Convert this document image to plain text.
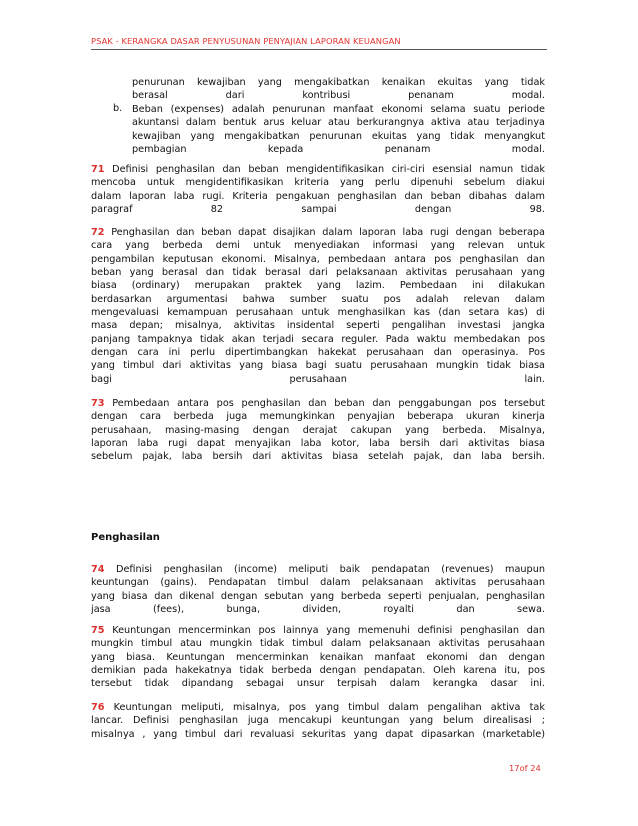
PSAK - KERANGKA DASAR PENYUSUNAN PENYAJIAN LAPORAN KEUANGAN
penurunan kewajiban yang mengakibatkan kenaikan ekuitas yang tidak
berasal dari kontribusi penanam modal.
b. Beban (expenses) adalah penurunan manfaat ekonomi selama suatu periode
akuntansi dalam bentuk arus keluar atau berkurangnya aktiva atau terjadinya
kewajiban yang mengakibatkan penurunan ekuitas yang tidak menyangkut
pembagian kepada penanam modal.
71 Definisi penghasilan dan beban mengidentifikasikan ciri-ciri esensial namun tidak
mencoba untuk mengidentifikasikan kriteria yang perlu dipenuhi sebelum diakui
dalam laporan laba rugi. Kriteria pengakuan penghasilan dan beban dibahas dalam
paragraf 82 sampai dengan 98.
72 Penghasilan dan beban dapat disajikan dalam laporan laba rugi dengan beberapa
cara yang berbeda demi untuk menyediakan informasi yang relevan untuk
pengambilan keputusan ekonomi. Misalnya, pembedaan antara pos penghasilan dan
beban yang berasal dan tidak berasal dari pelaksanaan aktivitas perusahaan yang
biasa (ordinary) merupakan praktek yang lazim. Pembedaan ini dilakukan
berdasarkan argumentasi bahwa sumber suatu pos adalah relevan dalam
mengevaluasi kemampuan perusahaan untuk menghasilkan kas (dan setara kas) di
masa depan; misalnya, aktivitas insidental seperti pengalihan investasi jangka
panjang tampaknya tidak akan terjadi secara reguler. Pada waktu membedakan pos
dengan cara ini perlu dipertimbangkan hakekat perusahaan dan operasinya. Pos
yang timbul dari aktivitas yang biasa bagi suatu perusahaan mungkin tidak biasa
bagi perusahaan lain.
73 Pembedaan antara pos penghasilan dan beban dan penggabungan pos tersebut
dengan cara berbeda juga memungkinkan penyajian beberapa ukuran kinerja
perusahaan, masing-masing dengan derajat cakupan yang berbeda. Misalnya,
laporan laba rugi dapat menyajikan laba kotor, laba bersih dari aktivitas biasa
sebelum pajak, laba bersih dari aktivitas biasa setelah pajak, dan laba bersih.
Penghasilan
74 Definisi penghasilan (income) meliputi baik pendapatan (revenues) maupun
keuntungan (gains). Pendapatan timbul dalam pelaksanaan aktivitas perusahaan
yang biasa dan dikenal dengan sebutan yang berbeda seperti penjualan, penghasilan
jasa (fees), bunga, dividen, royalti dan sewa.
75 Keuntungan mencerminkan pos lainnya yang memenuhi definisi penghasilan dan
mungkin timbul atau mungkin tidak timbul dalam pelaksanaan aktivitas perusahaan
yang biasa. Keuntungan mencerminkan kenaikan manfaat ekonomi dan dengan
demikian pada hakekatnya tidak berbeda dengan pendapatan. Oleh karena itu, pos
tersebut tidak dipandang sebagai unsur terpisah dalam kerangka dasar ini.
76 Keuntungan meliputi, misalnya, pos yang timbul dalam pengalihan aktiva tak
lancar. Definisi penghasilan juga mencakupi keuntungan yang belum direalisasi ;
misalnya , yang timbul dari revaluasi sekuritas yang dapat dipasarkan (marketable)
17of 24
